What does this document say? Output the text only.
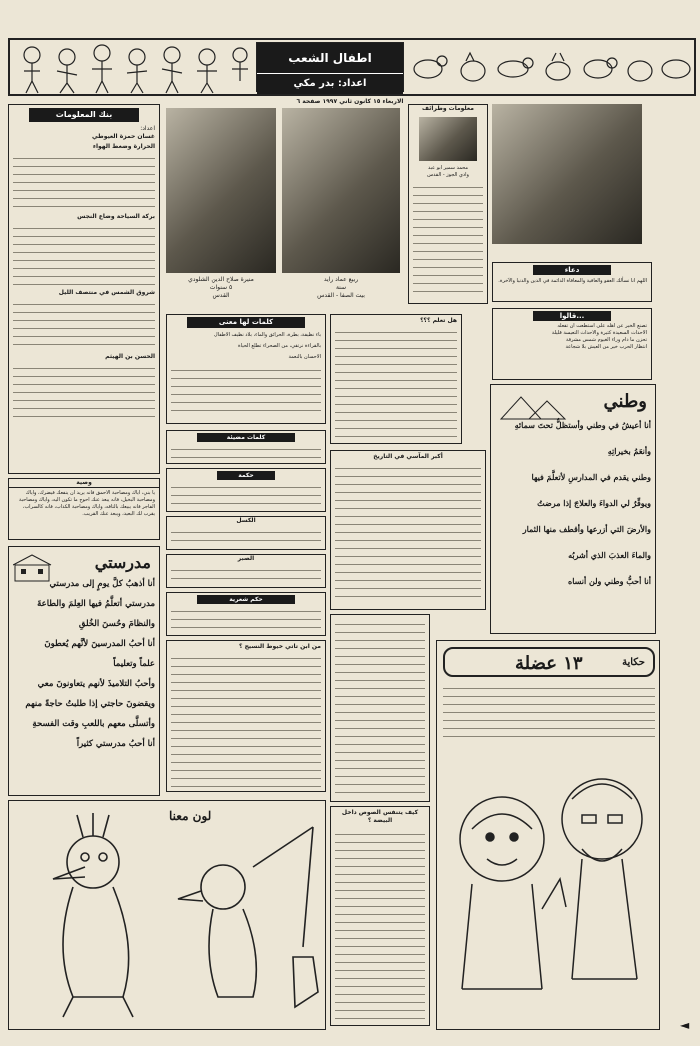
اطفال الشعب
اعداد: بدر مكي
الاربعاء ١٥ كانون ثاني ١٩٩٧ صفحة ٦
بنك المعلومات
اعداد:
غسان حمزة العيوطي
الحرارة وضغط الهواء
بركة السياحة وضاع النجس
شروق الشمس في منتصف الليل
الحسن بن الهيثم
وصية
يا بني، اياك ومصاحبة الاحمق فانه يريد ان ينفعك فيضرك، واياك ومصاحبة البخيل، فانه يبعد عنك احوج ما تكون اليه، واياك ومصاحبة الفاجر فانه يبيعك بالتافه، واياك ومصاحبة الكذاب، فانه كالسراب، يقرب لك البعيد، ويبعد عنك القريب.
مدرستي
أنا أذهبُ كلَّ يومٍ إلى مدرستي
مدرستي أتعلَّمُ فيها العِلمَ والطاعةَ
والنظامَ وحُسنَ الخُلقِ
أنا أحبُ المدرسينَ لأنَّهم يُعطونَ
علماً وتعليماً
وأحبُ التلاميذَ لأنهم يتعاونونَ معي
ويقضونَ حاجتي إذا طلبتُ حاجةً منهم
وأتسلَّى معهم باللعبِ وقت الفسحةِ
أنا أحبُ مدرستي كثيراً
منيرة صلاح الدين الشلودي
٥ سنوات
القدس
ربيع عماد رايد
سنة
بيت الصفا - القدس
كلمات لها معنى
باء نظيفة، بطرة، الحرائق والماء، بلاد نظيف الاطفال
بالقراءة نرتقي، من الصحراء تطلع الحياة
الاحسان بالنعمة
هل تعلم ؟؟؟
كلمات مضيئة
حكمة
الكسل
الصبر
حكم شعرية
من ابن تاتي خيوط النسيج ؟
أكبر المآسي في التاريخ
كيف يتنفس الصوص داخل البيضة ؟
معلومات وطرائف
محمد سمير ابو عبد
وادي الجوز - القدس
دعاء
اللهم انا نسألك العفو والعافية والمعافاة الدائمة في الدين والدنيا والآخرة.
قالوا...
تصنع الخير عن اهله على استطعت ان تفعله
الاحداث السعيدة كثيرة والاحداث التعيسة قليلة
تحزن ما دام وراء الغيوم شمس مشرقة
انتظار الحرب خير من العيش بلا شجاعة
وطني
أنا أعيشُ في وطني وأستظلُّ تحتَ سمائهِ
وأنعَمُ بخيراتِهِ
وطني يقدم في المدارسِ لأتعلَّمَ فيها
ويوفِّرُ لي الدواءَ والعلاجَ إذا مرضتُ
والأرضَ التي أزرعها وأقطف منها الثمار
والماءَ العذبَ الذي أشربُه
أنا أحبُّ وطني ولن أنساه
١٣ عضلة	حكاية
لون معنا
◄
